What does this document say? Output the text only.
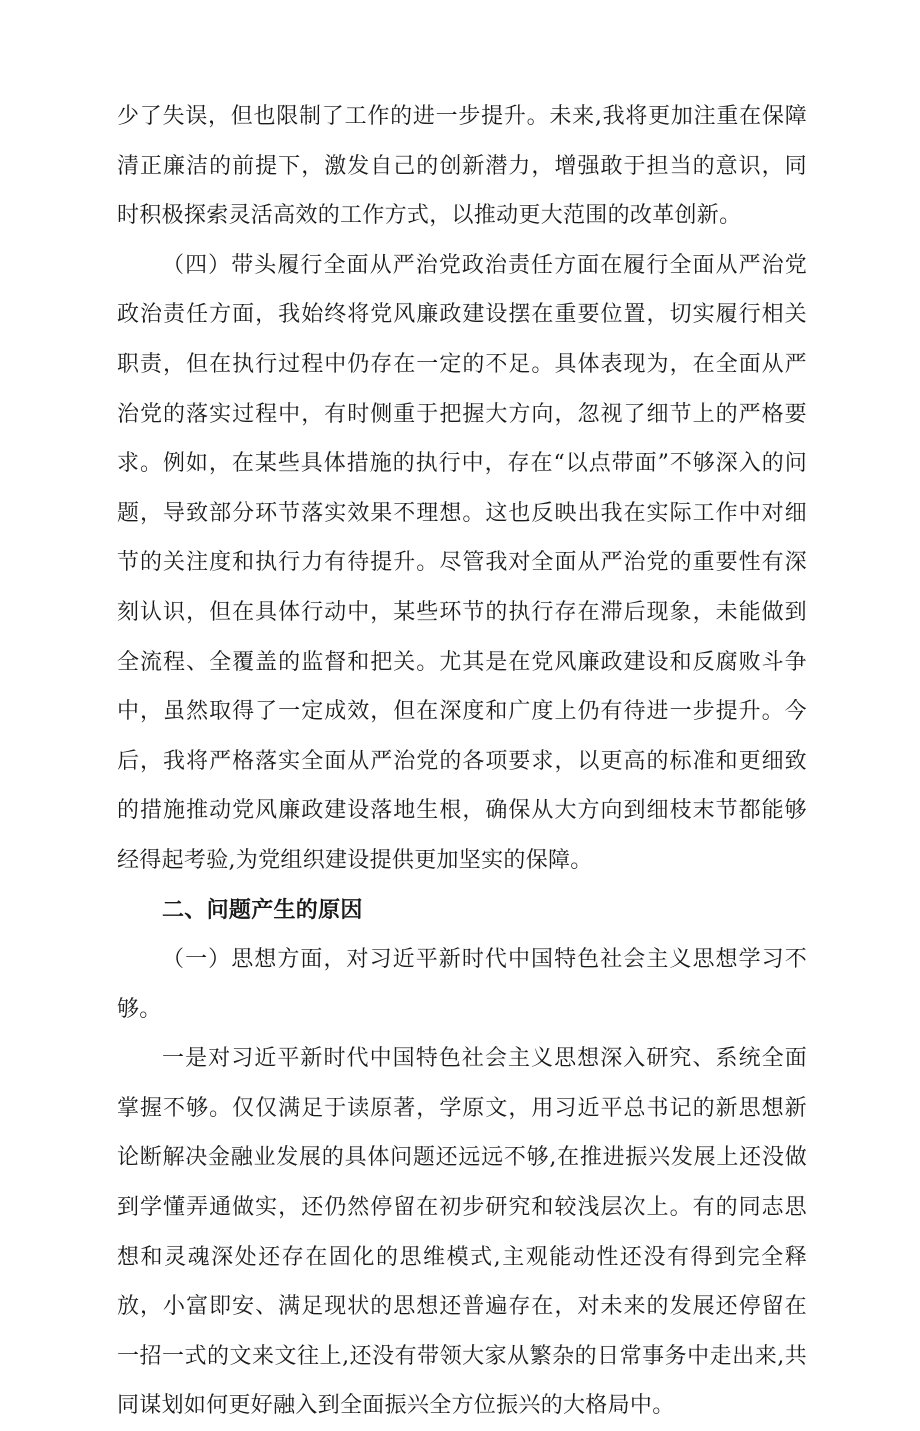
少了失误，但也限制了工作的进一步提升。未来,我将更加注重在保障清正廉洁的前提下，激发自己的创新潜力，增强敢于担当的意识，同时积极探索灵活高效的工作方式，以推动更大范围的改革创新。

（四）带头履行全面从严治党政治责任方面在履行全面从严治党政治责任方面，我始终将党风廉政建设摆在重要位置，切实履行相关职责，但在执行过程中仍存在一定的不足。具体表现为，在全面从严治党的落实过程中，有时侧重于把握大方向，忽视了细节上的严格要求。例如，在某些具体措施的执行中，存在“以点带面”不够深入的问题，导致部分环节落实效果不理想。这也反映出我在实际工作中对细节的关注度和执行力有待提升。尽管我对全面从严治党的重要性有深刻认识，但在具体行动中，某些环节的执行存在滞后现象，未能做到全流程、全覆盖的监督和把关。尤其是在党风廉政建设和反腐败斗争中，虽然取得了一定成效，但在深度和广度上仍有待进一步提升。今后，我将严格落实全面从严治党的各项要求，以更高的标准和更细致的措施推动党风廉政建设落地生根，确保从大方向到细枝末节都能够经得起考验,为党组织建设提供更加坚实的保障。

二、问题产生的原因

（一）思想方面，对习近平新时代中国特色社会主义思想学习不够。

一是对习近平新时代中国特色社会主义思想深入研究、系统全面掌握不够。仅仅满足于读原著，学原文，用习近平总书记的新思想新论断解决金融业发展的具体问题还远远不够,在推进振兴发展上还没做到学懂弄通做实，还仍然停留在初步研究和较浅层次上。有的同志思想和灵魂深处还存在固化的思维模式,主观能动性还没有得到完全释放，小富即安、满足现状的思想还普遍存在，对未来的发展还停留在一招一式的文来文往上,还没有带领大家从繁杂的日常事务中走出来,共同谋划如何更好融入到全面振兴全方位振兴的大格局中。
